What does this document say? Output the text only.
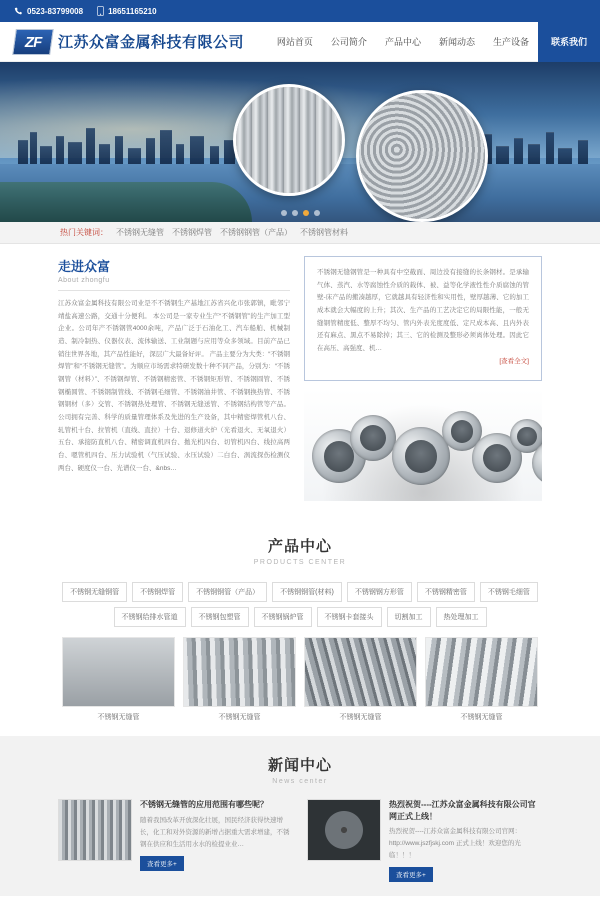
0523-83799008	18651165210
ZF 江苏众富金属科技有限公司	网站首页	公司简介	产品中心	新闻动态	生产设备	联系我们
热门关键词： 不锈钢无缝管 不锈钢焊管 不锈钢钢管（产品） 不锈钢管材料
走进众富
About zhongfu
江苏众富金属科技有限公司业是不不锈钢生产基地江苏省兴化市张郭镇，毗邻宁靖盐高速公路，交通十分便利。 本公司是一家专业生产“不锈钢管”的生产加工型企业。公司年产不锈钢管4000余吨，产品广泛于石油化工、汽车船舶、机械制造、制冷制热、仪器仪表、流体输送、工业制题与应用等众多领域。目前产品已销往世界各地，其产品性能好，深层广大最备好评。 产品主要分为大类：“不锈钢焊管”和“不锈钢无缝管”。为顺应市场需求特研发数十种不同产品，分别为：“不锈钢管（材料）”、不锈钢焊管、不锈钢精密管、不锈钢矩形管、不锈钢圆管、不锈钢椭圆管、不锈钢制管线、不锈钢毛细管、不锈钢油井管、不锈钢换热管、不锈钢钢材（多）交管、不锈钢热处理管、不锈钢无缝送管、不锈钢结构管等产品。公司拥有完善、科学的质量管理体系及先进的生产设备，其中精密焊管机八台、轧管机十台、拉管机（直线、直拉）十台、退修道火炉（光看退火、无氧退火）五台、承接防直机八台、精密调直机四台、拋光机四台、切管机四台、线拉高两台、嗯管机四台、压力试验机（气压试验、水压试验）二白台、涡流探伤检测仪两台、硬度仪一台、光谱仪一台、&nbs…
不锈钢无缝钢管是一种具有中空截面、周边没有接缝的长条钢材。是承输气体、蒸汽、水等腐蚀性介质的载体、被、益等化学液性性介质腐蚀的管壁-床产品的搬凑越厚，它就越具有轻济性和实用性，壁厚越薄、它的加工成本就会大幅度的上升；其次、生产品的工艺决定它的局限性能，一般无缝钢管精度低、整厚不均匀、管内外表光度度低、定尺成本高、且内外表还有麻点、黑点不易除掉；其三、它的检测及整形必须离体处理。因此它在高压、高强度、机…
[查看全文]
产品中心
PRODUCTS CENTER
不锈钢无缝钢管	不锈钢焊管	不锈钢钢管（产品）	不锈钢钢管(材料)	不锈钢钢方形管	不锈钢精密管	不锈钢毛细管
不锈钢给排水管道	不锈钢包塑管	不锈钢锅炉管	不锈钢卡套接头	切割加工	热处理加工
不锈钢无缝管	不锈钢无缝管	不锈钢无缝管	不锈钢无缝管
新闻中心
News center
不锈钢无缝管的应用范围有哪些呢？
随着我国改革开放深化壮展，国民经济获得快速增长，化工和对外资源的新增占据重大需求增建，不锈钢在供应和生活用水水的检提业业…
查看更多+
热烈祝贺----江苏众富金属科技有限公司官网正式上线！
热烈祝贺----江苏众富金属科技有限公司官网：http://www.jszfjskj.com 正式上线！欢迎您的光临！！！
查看更多+
